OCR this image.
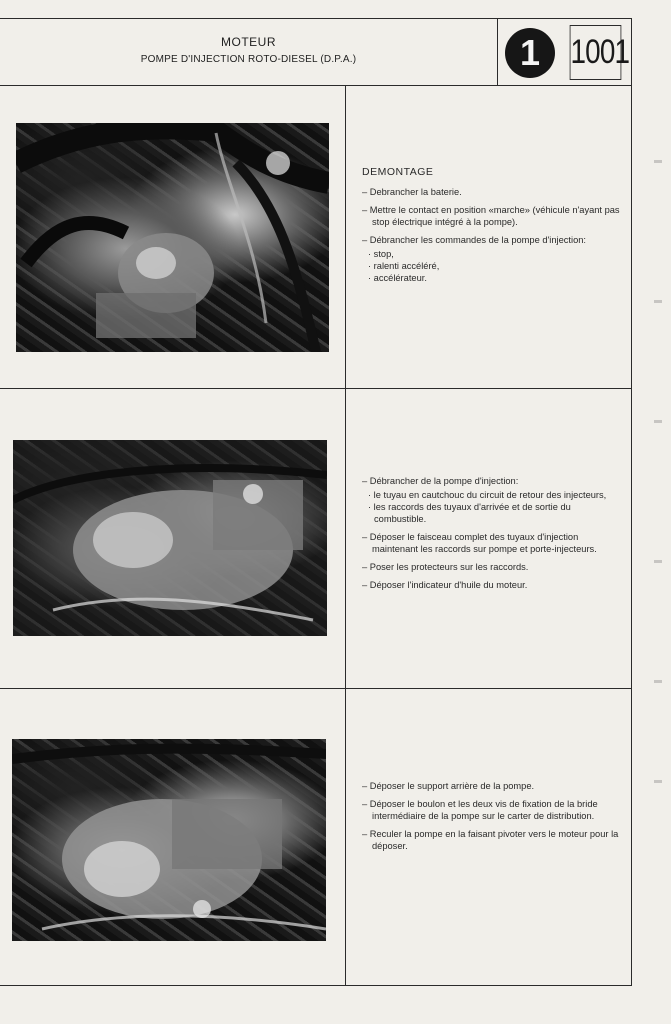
MOTEUR
POMPE D'INJECTION ROTO-DIESEL (D.P.A.)	1 1001
DEMONTAGE
– Debrancher la baterie.
– Mettre le contact en position «marche» (véhicule n'ayant pas stop électrique intégré à la pompe).
– Débrancher les commandes de la pompe d'injection:
· stop,
· ralenti accéléré,
· accélérateur.
– Débrancher de la pompe d'injection:
· le tuyau en cautchouc du circuit de retour des injecteurs,
· les raccords des tuyaux d'arrivée et de sortie du combustible.
– Déposer le faisceau complet des tuyaux d'injection maintenant les raccords sur pompe et porte-injecteurs.
– Poser les protecteurs sur les raccords.
– Déposer l'indicateur d'huile du moteur.
– Déposer le support arrière de la pompe.
– Déposer le boulon et les deux vis de fixation de la bride intermédiaire de la pompe sur le carter de distribution.
– Reculer la pompe en la faisant pivoter vers le moteur pour la déposer.
